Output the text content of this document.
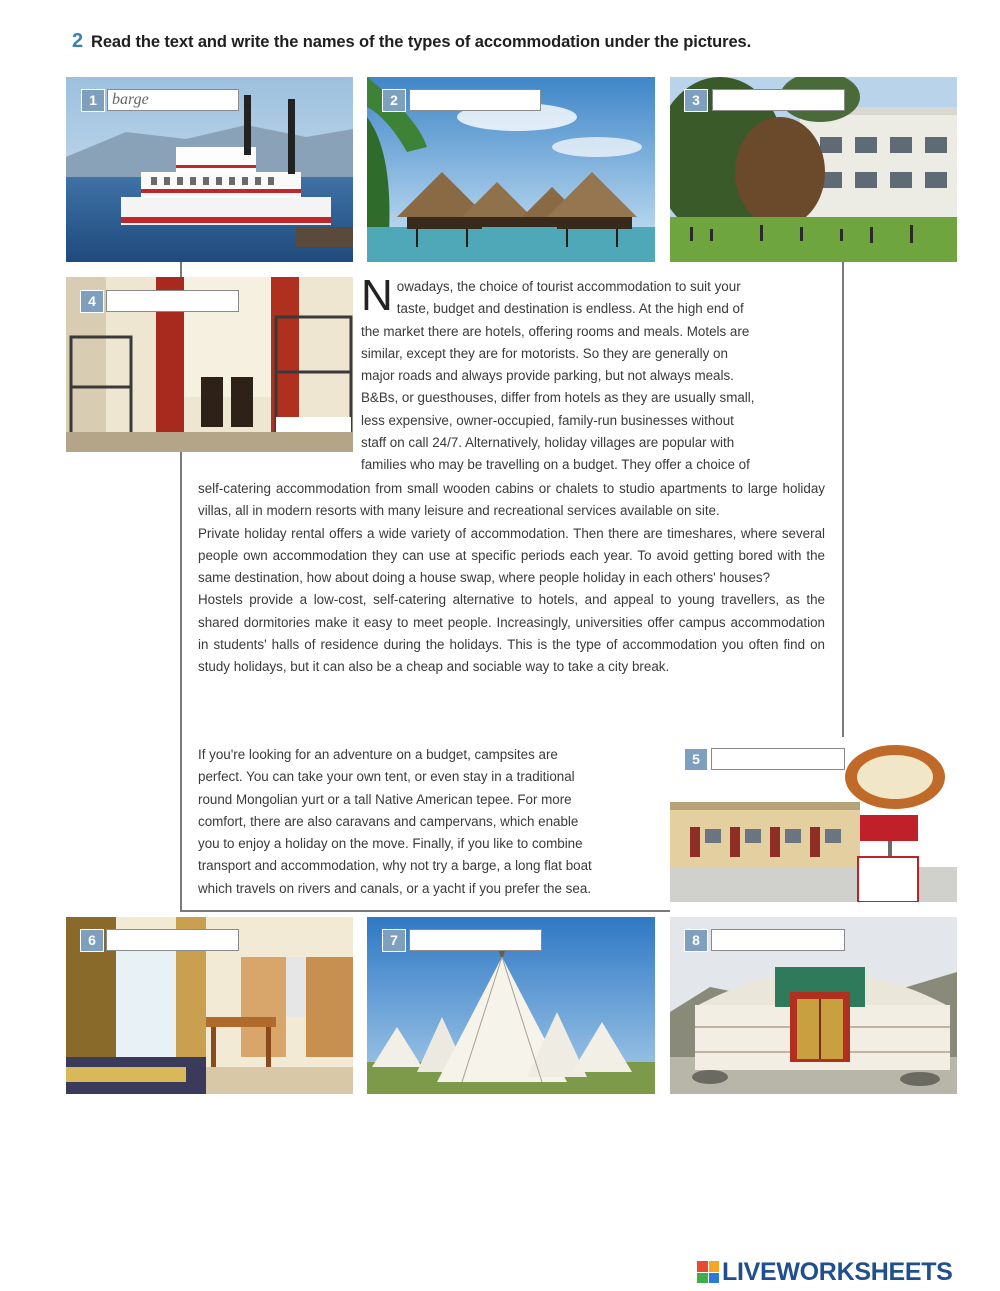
2 Read the text and write the names of the types of accommodation under the pictures.
1
barge	2	3
4
5
6	7	8
N owadays, the choice of tourist accommodation to suit your
taste, budget and destination is endless. At the high end of
the market there are hotels, offering rooms and meals. Motels are
similar, except they are for motorists. So they are generally on
major roads and always provide parking, but not always meals.
B&Bs, or guesthouses, differ from hotels as they are usually small,
less expensive, owner-occupied, family-run businesses without
staff on call 24/7. Alternatively, holiday villages are popular with
families who may be travelling on a budget. They offer a choice of

self-catering accommodation from small wooden cabins or chalets to studio apartments to large holiday villas, all in modern resorts with many leisure and recreational services available on site.

Private holiday rental offers a wide variety of accommodation. Then there are timeshares, where several people own accommodation they can use at specific periods each year. To avoid getting bored with the same destination, how about doing a house swap, where people holiday in each others' houses?

Hostels provide a low-cost, self-catering alternative to hotels, and appeal to young travellers, as the shared dormitories make it easy to meet people. Increasingly, universities offer campus accommodation in students' halls of residence during the holidays. This is the type of accommodation you often find on study holidays, but it can also be a cheap and sociable way to take a city break.

If you're looking for an adventure on a budget, campsites are
perfect. You can take your own tent, or even stay in a traditional
round Mongolian yurt or a tall Native American tepee. For more
comfort, there are also caravans and campervans, which enable
you to enjoy a holiday on the move. Finally, if you like to combine
transport and accommodation, why not try a barge, a long flat boat
which travels on rivers and canals, or a yacht if you prefer the sea.
LIVEWORKSHEETS
